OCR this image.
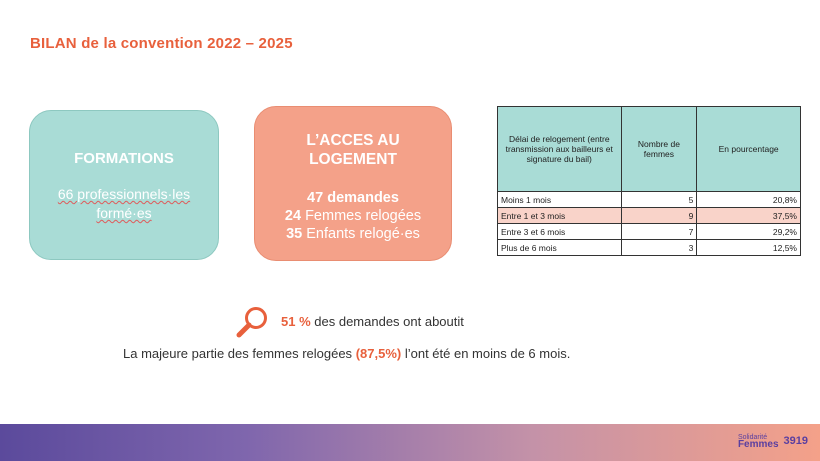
BILAN de la convention 2022 – 2025
FORMATIONS
66 professionnels·les formé·es
L’ACCES AU
LOGEMENT
47 demandes
24 Femmes relogées
35 Enfants relogé·es
Délai de relogement (entre transmission aux bailleurs et signature du bail)	Nombre de femmes	En pourcentage
Moins 1 mois	5	20,8%
Entre 1 et 3 mois	9	37,5%
Entre 3 et 6 mois	7	29,2%
Plus de 6 mois	3	12,5%
51 % des demandes ont aboutit
La majeure partie des femmes relogées (87,5%) l’ont été en moins de 6 mois.
Solidarité
Femmes 3919
